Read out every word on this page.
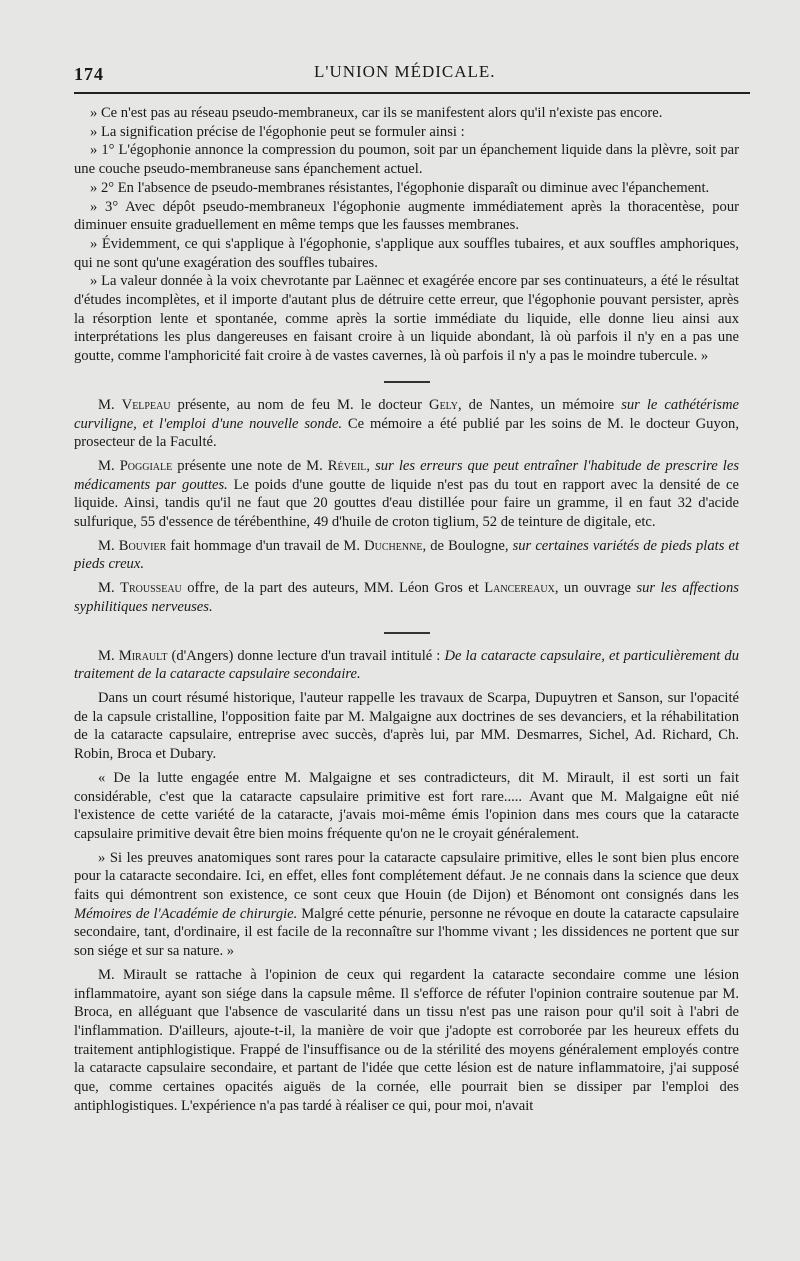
174	L'UNION MÉDICALE.

» Ce n'est pas au réseau pseudo-membraneux, car ils se manifestent alors qu'il n'existe pas encore.

» La signification précise de l'égophonie peut se formuler ainsi :

» 1° L'égophonie annonce la compression du poumon, soit par un épanchement liquide dans la plèvre, soit par une couche pseudo-membraneuse sans épanchement actuel.

» 2° En l'absence de pseudo-membranes résistantes, l'égophonie disparaît ou diminue avec l'épanchement.

» 3° Avec dépôt pseudo-membraneux l'égophonie augmente immédiatement après la thoracentèse, pour diminuer ensuite graduellement en même temps que les fausses membranes.

» Évidemment, ce qui s'applique à l'égophonie, s'applique aux souffles tubaires, et aux souffles amphoriques, qui ne sont qu'une exagération des souffles tubaires.

» La valeur donnée à la voix chevrotante par Laënnec et exagérée encore par ses continuateurs, a été le résultat d'études incomplètes, et il importe d'autant plus de détruire cette erreur, que l'égophonie pouvant persister, après la résorption lente et spontanée, comme après la sortie immédiate du liquide, elle donne lieu ainsi aux interprétations les plus dangereuses en faisant croire à un liquide abondant, là où parfois il n'y en a pas une goutte, comme l'amphoricité fait croire à de vastes cavernes, là où parfois il n'y a pas le moindre tubercule. »

M. Velpeau présente, au nom de feu M. le docteur Gely, de Nantes, un mémoire sur le cathétérisme curviligne, et l'emploi d'une nouvelle sonde. Ce mémoire a été publié par les soins de M. le docteur Guyon, prosecteur de la Faculté.

M. Poggiale présente une note de M. Réveil, sur les erreurs que peut entraîner l'habitude de prescrire les médicaments par gouttes. Le poids d'une goutte de liquide n'est pas du tout en rapport avec la densité de ce liquide. Ainsi, tandis qu'il ne faut que 20 gouttes d'eau distillée pour faire un gramme, il en faut 32 d'acide sulfurique, 55 d'essence de térébenthine, 49 d'huile de croton tiglium, 52 de teinture de digitale, etc.

M. Bouvier fait hommage d'un travail de M. Duchenne, de Boulogne, sur certaines variétés de pieds plats et pieds creux.

M. Trousseau offre, de la part des auteurs, MM. Léon Gros et Lancereaux, un ouvrage sur les affections syphilitiques nerveuses.

M. Mirault (d'Angers) donne lecture d'un travail intitulé : De la cataracte capsulaire, et particulièrement du traitement de la cataracte capsulaire secondaire.

Dans un court résumé historique, l'auteur rappelle les travaux de Scarpa, Dupuytren et Sanson, sur l'opacité de la capsule cristalline, l'opposition faite par M. Malgaigne aux doctrines de ses devanciers, et la réhabilitation de la cataracte capsulaire, entreprise avec succès, d'après lui, par MM. Desmarres, Sichel, Ad. Richard, Ch. Robin, Broca et Dubary.

« De la lutte engagée entre M. Malgaigne et ses contradicteurs, dit M. Mirault, il est sorti un fait considérable, c'est que la cataracte capsulaire primitive est fort rare..... Avant que M. Malgaigne eût nié l'existence de cette variété de la cataracte, j'avais moi-même émis l'opinion dans mes cours que la cataracte capsulaire primitive devait être bien moins fréquente qu'on ne le croyait généralement.

» Si les preuves anatomiques sont rares pour la cataracte capsulaire primitive, elles le sont bien plus encore pour la cataracte secondaire. Ici, en effet, elles font complétement défaut. Je ne connais dans la science que deux faits qui démontrent son existence, ce sont ceux que Houin (de Dijon) et Bénomont ont consignés dans les Mémoires de l'Académie de chirurgie. Malgré cette pénurie, personne ne révoque en doute la cataracte capsulaire secondaire, tant, d'ordinaire, il est facile de la reconnaître sur l'homme vivant ; les dissidences ne portent que sur son siége et sur sa nature. »

M. Mirault se rattache à l'opinion de ceux qui regardent la cataracte secondaire comme une lésion inflammatoire, ayant son siége dans la capsule même. Il s'efforce de réfuter l'opinion contraire soutenue par M. Broca, en alléguant que l'absence de vascularité dans un tissu n'est pas une raison pour qu'il soit à l'abri de l'inflammation. D'ailleurs, ajoute-t-il, la manière de voir que j'adopte est corroborée par les heureux effets du traitement antiphlogistique. Frappé de l'insuffisance ou de la stérilité des moyens généralement employés contre la cataracte capsulaire secondaire, et partant de l'idée que cette lésion est de nature inflammatoire, j'ai supposé que, comme certaines opacités aiguës de la cornée, elle pourrait bien se dissiper par l'emploi des antiphlogistiques. L'expérience n'a pas tardé à réaliser ce qui, pour moi, n'avait
